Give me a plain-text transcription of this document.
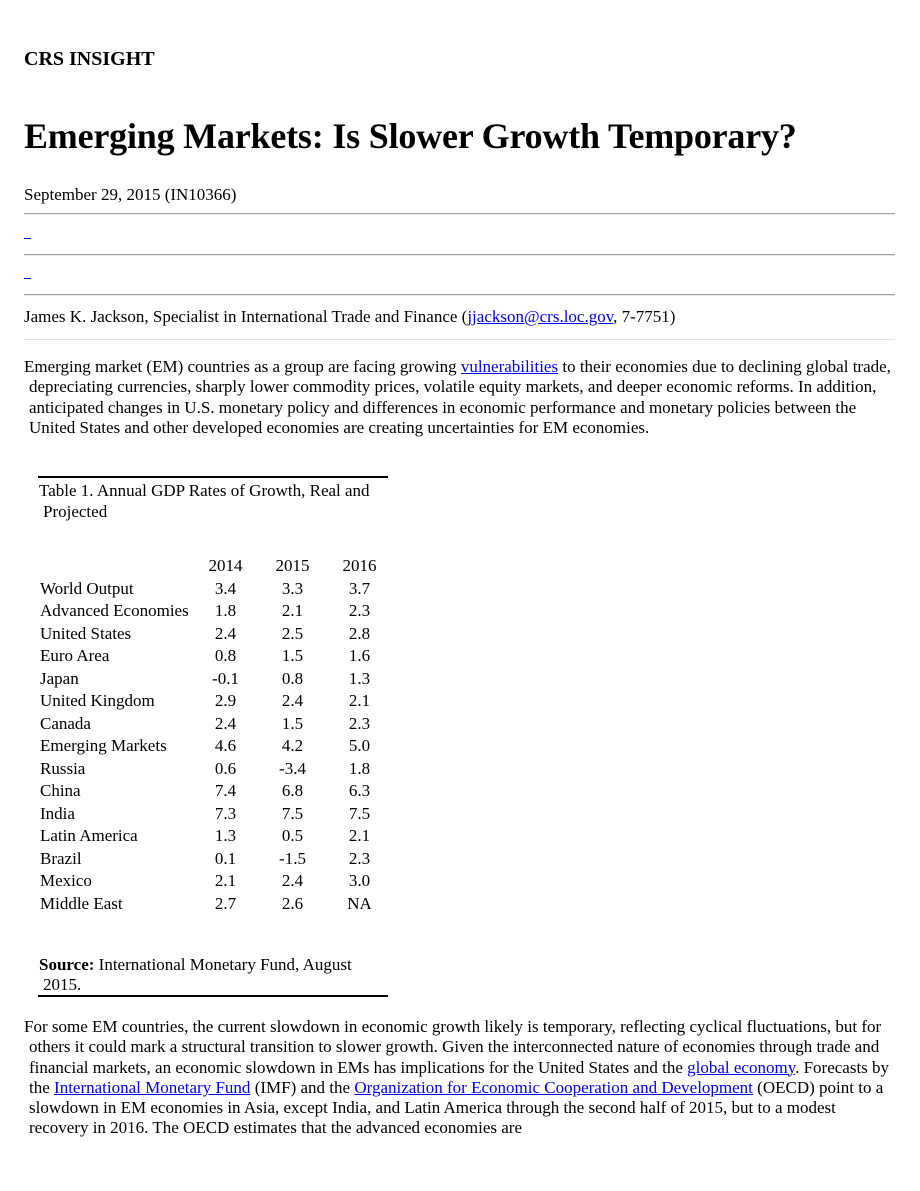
CRS INSIGHT
Emerging Markets: Is Slower Growth Temporary?
September 29, 2015 (IN10366)
James K. Jackson, Specialist in International Trade and Finance (jjackson@crs.loc.gov, 7-7751)
Emerging market (EM) countries as a group are facing growing vulnerabilities to their economies due to declining global trade, depreciating currencies, sharply lower commodity prices, volatile equity markets, and deeper economic reforms. In addition, anticipated changes in U.S. monetary policy and differences in economic performance and monetary policies between the United States and other developed economies are creating uncertainties for EM economies.
Table 1. Annual GDP Rates of Growth, Real and Projected
	2014	2015	2016

World Output	3.4	3.3	3.7

Advanced Economies	1.8	2.1	2.3

United States	2.4	2.5	2.8

Euro Area	0.8	1.5	1.6

Japan	-0.1	0.8	1.3

United Kingdom	2.9	2.4	2.1

Canada	2.4	1.5	2.3

Emerging Markets	4.6	4.2	5.0

Russia	0.6	-3.4	1.8

China	7.4	6.8	6.3

India	7.3	7.5	7.5

Latin America	1.3	0.5	2.1

Brazil	0.1	-1.5	2.3

Mexico	2.1	2.4	3.0

Middle East	2.7	2.6	NA
Source: International Monetary Fund, August 2015.
For some EM countries, the current slowdown in economic growth likely is temporary, reflecting cyclical fluctuations, but for others it could mark a structural transition to slower growth. Given the interconnected nature of economies through trade and financial markets, an economic slowdown in EMs has implications for the United States and the global economy. Forecasts by the International Monetary Fund (IMF) and the Organization for Economic Cooperation and Development (OECD) point to a slowdown in EM economies in Asia, except India, and Latin America through the second half of 2015, but to a modest recovery in 2016. The OECD estimates that the advanced economies are
